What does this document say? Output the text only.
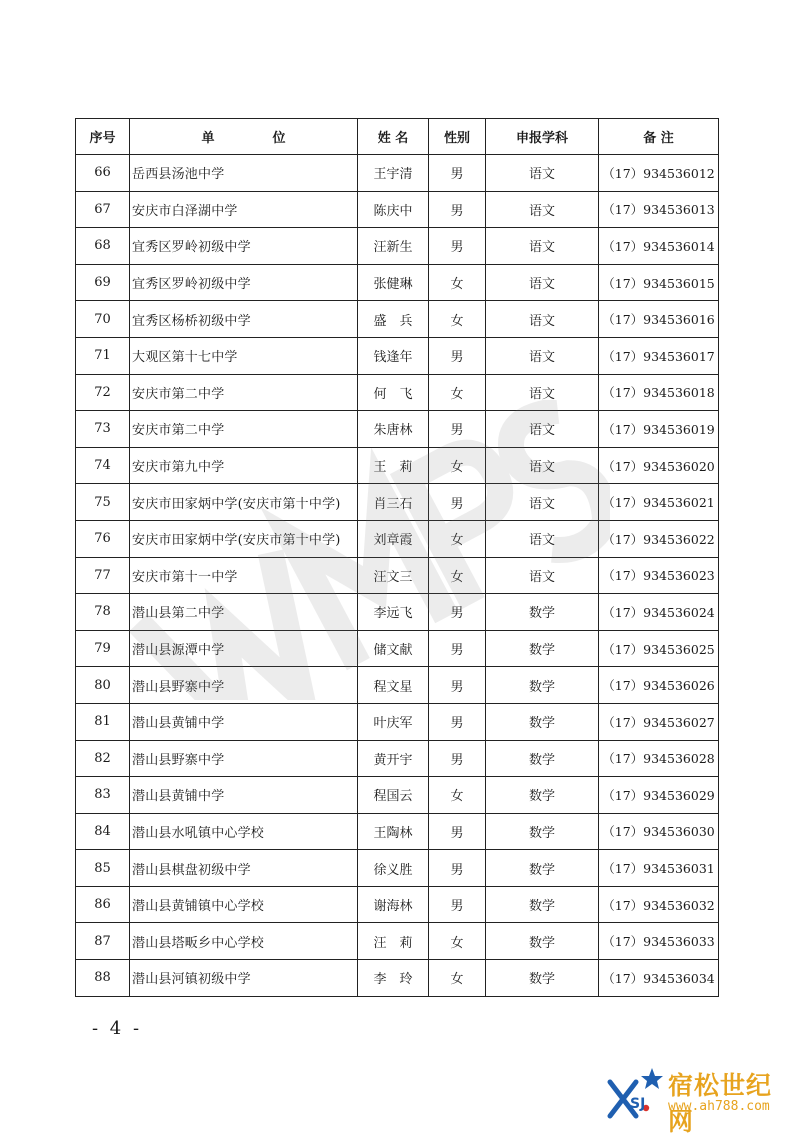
序号	单 位	姓 名	性别	申报学科	备 注
66	岳西县汤池中学	王宇清	男	语文	（17）934536012
67	安庆市白泽湖中学	陈庆中	男	语文	（17）934536013
68	宜秀区罗岭初级中学	汪新生	男	语文	（17）934536014
69	宜秀区罗岭初级中学	张健琳	女	语文	（17）934536015
70	宜秀区杨桥初级中学	盛　兵	女	语文	（17）934536016
71	大观区第十七中学	钱逢年	男	语文	（17）934536017
72	安庆市第二中学	何　飞	女	语文	（17）934536018
73	安庆市第二中学	朱唐林	男	语文	（17）934536019
74	安庆市第九中学	王　莉	女	语文	（17）934536020
75	安庆市田家炳中学(安庆市第十中学)	肖三石	男	语文	（17）934536021
76	安庆市田家炳中学(安庆市第十中学)	刘章霞	女	语文	（17）934536022
77	安庆市第十一中学	汪文三	女	语文	（17）934536023
78	潜山县第二中学	李远飞	男	数学	（17）934536024
79	潜山县源潭中学	储文献	男	数学	（17）934536025
80	潜山县野寨中学	程文星	男	数学	（17）934536026
81	潜山县黄铺中学	叶庆军	男	数学	（17）934536027
82	潜山县野寨中学	黄开宇	男	数学	（17）934536028
83	潜山县黄铺中学	程国云	女	数学	（17）934536029
84	潜山县水吼镇中心学校	王陶林	男	数学	（17）934536030
85	潜山县棋盘初级中学	徐义胜	男	数学	（17）934536031
86	潜山县黄铺镇中心学校	谢海林	男	数学	（17）934536032
87	潜山县塔畈乡中心学校	汪　莉	女	数学	（17）934536033
88	潜山县河镇初级中学	李　玲	女	数学	（17）934536034
- 4 -
SJ
宿松世纪网
www.ah788.com
